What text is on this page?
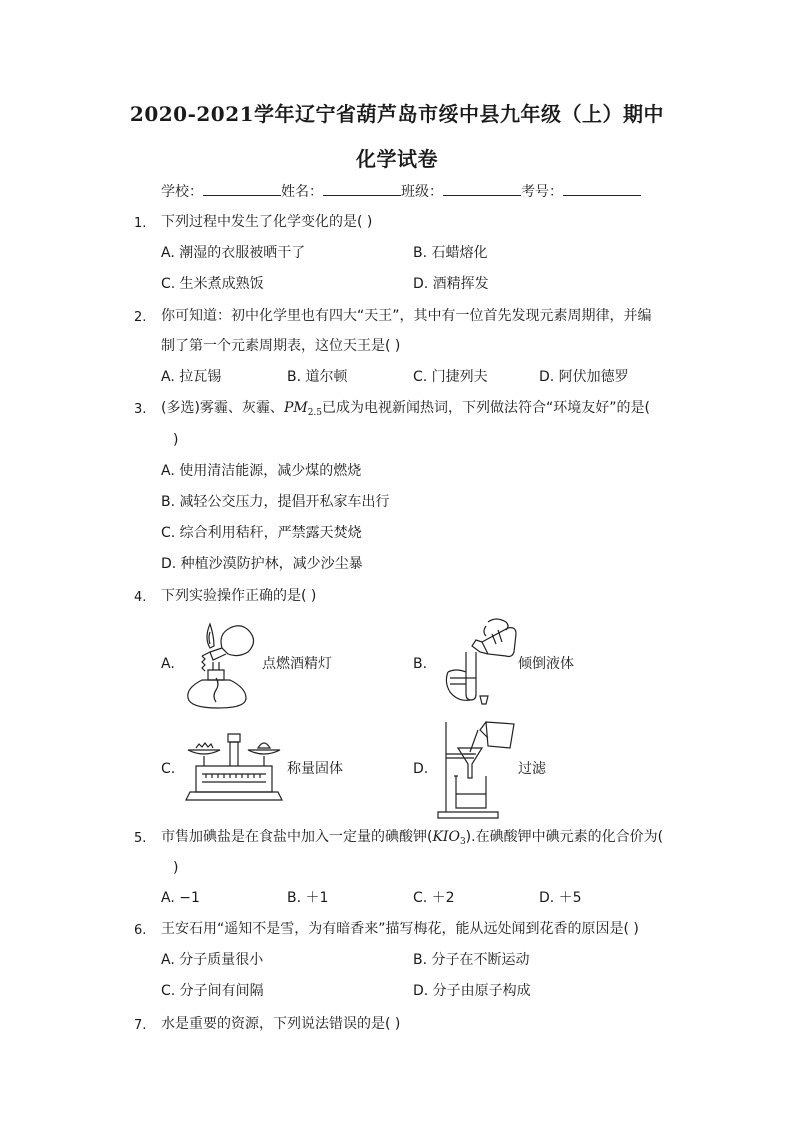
2020-2021学年辽宁省葫芦岛市绥中县九年级（上）期中
化学试卷
学校：	姓名：	班级：	考号：
1. 下列过程中发生了化学变化的是( )
A. 潮湿的衣服被晒干了	B. 石蜡熔化
C. 生米煮成熟饭	D. 酒精挥发
2. 你可知道：初中化学里也有四大“天王”，其中有一位首先发现元素周期律，并编
制了第一个元素周期表，这位天王是( )
A. 拉瓦锡	B. 道尔顿	C. 门捷列夫	D. 阿伏加德罗
3. (多选)雾霾、灰霾、$PM_{2.5}$已成为电视新闻热词，下列做法符合“环境友好”的是(
)
A. 使用清洁能源，减少煤的燃烧
B. 减轻公交压力，提倡开私家车出行
C. 综合利用秸秆，严禁露天焚烧
D. 种植沙漠防护林，减少沙尘暴
4. 下列实验操作正确的是( )
A.	点燃酒精灯	B.	倾倒液体
C.	称量固体	D.	过滤
5. 市售加碘盐是在食盐中加入一定量的碘酸钾$(KIO_3)$.在碘酸钾中碘元素的化合价为(
)
A. −1	B. ＋1	C. ＋2	D. ＋5
6. 王安石用“遥知不是雪，为有暗香来”描写梅花，能从远处闻到花香的原因是( )
A. 分子质量很小	B. 分子在不断运动
C. 分子间有间隔	D. 分子由原子构成
7. 水是重要的资源，下列说法错误的是( )
